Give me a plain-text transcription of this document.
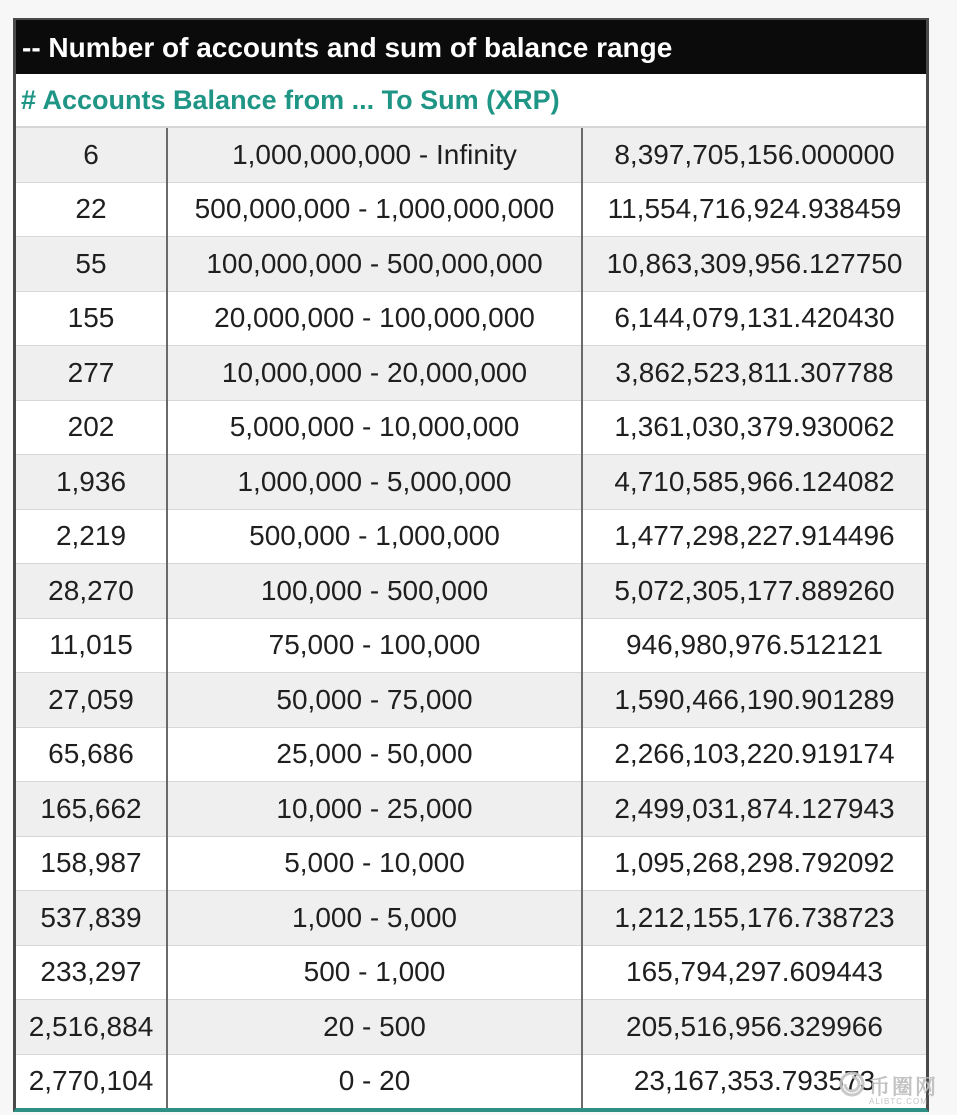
-- Number of accounts and sum of balance range
# Accounts Balance from ... To Sum (XRP)
6	1,000,000,000 - Infinity	8,397,705,156.000000
22	500,000,000 - 1,000,000,000	11,554,716,924.938459
55	100,000,000 - 500,000,000	10,863,309,956.127750
155	20,000,000 - 100,000,000	6,144,079,131.420430
277	10,000,000 - 20,000,000	3,862,523,811.307788
202	5,000,000 - 10,000,000	1,361,030,379.930062
1,936	1,000,000 - 5,000,000	4,710,585,966.124082
2,219	500,000 - 1,000,000	1,477,298,227.914496
28,270	100,000 - 500,000	5,072,305,177.889260
11,015	75,000 - 100,000	946,980,976.512121
27,059	50,000 - 75,000	1,590,466,190.901289
65,686	25,000 - 50,000	2,266,103,220.919174
165,662	10,000 - 25,000	2,499,031,874.127943
158,987	5,000 - 10,000	1,095,268,298.792092
537,839	1,000 - 5,000	1,212,155,176.738723
233,297	500 - 1,000	165,794,297.609443
2,516,884	20 - 500	205,516,956.329966
2,770,104	0 - 20	23,167,353.793573
币圈网
ALIBTC.COM
